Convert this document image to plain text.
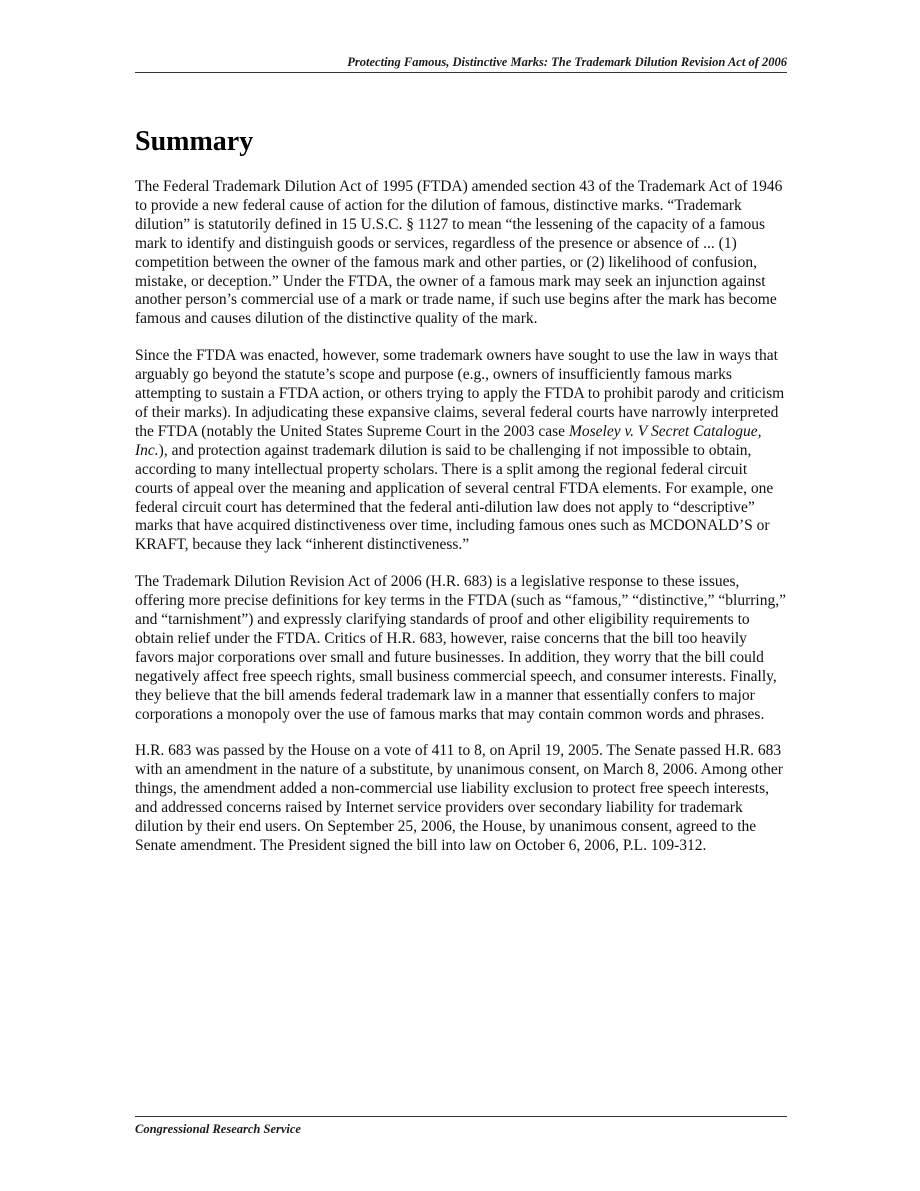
Protecting Famous, Distinctive Marks: The Trademark Dilution Revision Act of 2006
Summary

The Federal Trademark Dilution Act of 1995 (FTDA) amended section 43 of the Trademark Act of 1946 to provide a new federal cause of action for the dilution of famous, distinctive marks. “Trademark dilution” is statutorily defined in 15 U.S.C. § 1127 to mean “the lessening of the capacity of a famous mark to identify and distinguish goods or services, regardless of the presence or absence of ... (1) competition between the owner of the famous mark and other parties, or (2) likelihood of confusion, mistake, or deception.” Under the FTDA, the owner of a famous mark may seek an injunction against another person’s commercial use of a mark or trade name, if such use begins after the mark has become famous and causes dilution of the distinctive quality of the mark.

Since the FTDA was enacted, however, some trademark owners have sought to use the law in ways that arguably go beyond the statute’s scope and purpose (e.g., owners of insufficiently famous marks attempting to sustain a FTDA action, or others trying to apply the FTDA to prohibit parody and criticism of their marks). In adjudicating these expansive claims, several federal courts have narrowly interpreted the FTDA (notably the United States Supreme Court in the 2003 case Moseley v. V Secret Catalogue, Inc.), and protection against trademark dilution is said to be challenging if not impossible to obtain, according to many intellectual property scholars. There is a split among the regional federal circuit courts of appeal over the meaning and application of several central FTDA elements. For example, one federal circuit court has determined that the federal anti-dilution law does not apply to “descriptive” marks that have acquired distinctiveness over time, including famous ones such as MCDONALD’S or KRAFT, because they lack “inherent distinctiveness.”

The Trademark Dilution Revision Act of 2006 (H.R. 683) is a legislative response to these issues, offering more precise definitions for key terms in the FTDA (such as “famous,” “distinctive,” “blurring,” and “tarnishment”) and expressly clarifying standards of proof and other eligibility requirements to obtain relief under the FTDA. Critics of H.R. 683, however, raise concerns that the bill too heavily favors major corporations over small and future businesses. In addition, they worry that the bill could negatively affect free speech rights, small business commercial speech, and consumer interests. Finally, they believe that the bill amends federal trademark law in a manner that essentially confers to major corporations a monopoly over the use of famous marks that may contain common words and phrases.

H.R. 683 was passed by the House on a vote of 411 to 8, on April 19, 2005. The Senate passed H.R. 683 with an amendment in the nature of a substitute, by unanimous consent, on March 8, 2006. Among other things, the amendment added a non-commercial use liability exclusion to protect free speech interests, and addressed concerns raised by Internet service providers over secondary liability for trademark dilution by their end users. On September 25, 2006, the House, by unanimous consent, agreed to the Senate amendment. The President signed the bill into law on October 6, 2006, P.L. 109-312.

Congressional Research Service
